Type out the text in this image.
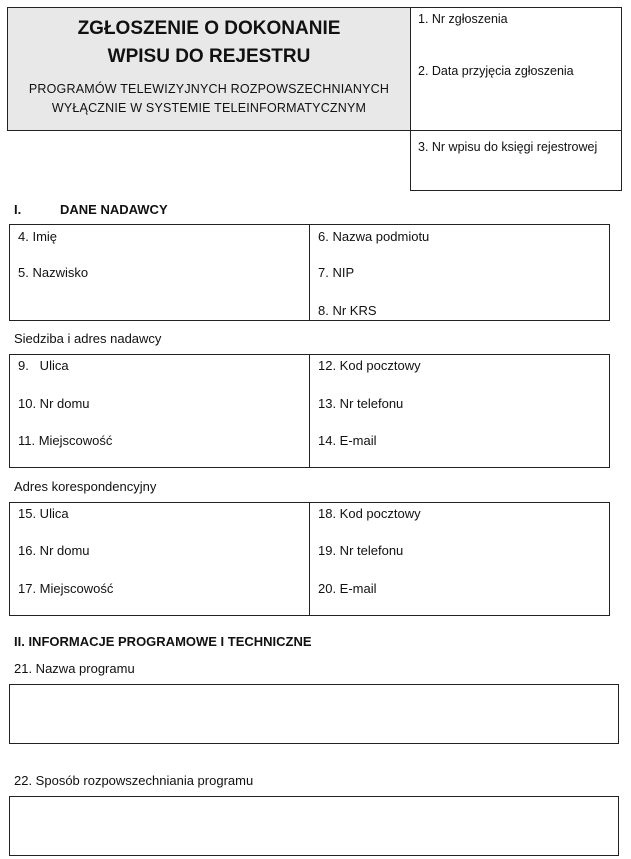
ZGŁOSZENIE O DOKONANIE
WPISU DO REJESTRU
PROGRAMÓW TELEWIZYJNYCH ROZPOWSZECHNIANYCH
WYŁĄCZNIE W SYSTEMIE TELEINFORMATYCZNYM
1. Nr zgłoszenia
2. Data przyjęcia zgłoszenia
3. Nr wpisu do księgi rejestrowej
I.	DANE NADAWCY
4. Imię
5. Nazwisko
6. Nazwa podmiotu
7. NIP
8. Nr KRS
Siedziba i adres nadawcy
9.   Ulica
10. Nr domu
11. Miejscowość
12. Kod pocztowy
13. Nr telefonu
14. E-mail
Adres korespondencyjny
15. Ulica
16. Nr domu
17. Miejscowość
18. Kod pocztowy
19. Nr telefonu
20. E-mail
II. INFORMACJE PROGRAMOWE I TECHNICZNE
21. Nazwa programu
22. Sposób rozpowszechniania programu
